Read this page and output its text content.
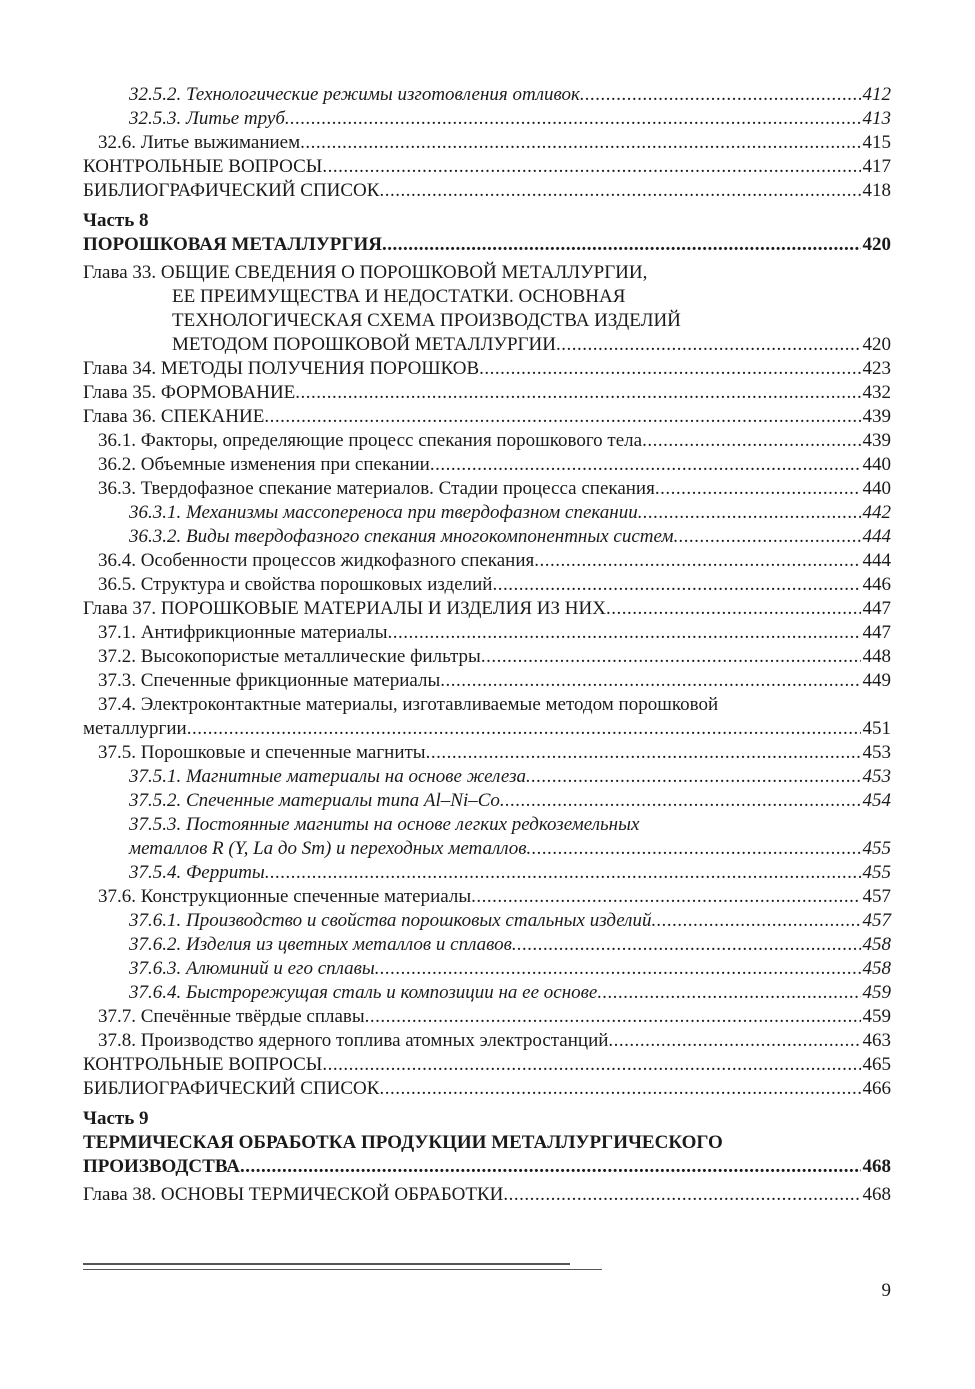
32.5.2. Технологические режимы изготовления отливок .....	412
32.5.3. Литье труб .....	413
32.6. Литье выжиманием .....	415
КОНТРОЛЬНЫЕ ВОПРОСЫ .....	417
БИБЛИОГРАФИЧЕСКИЙ СПИСОК .....	418
Часть 8
ПОРОШКОВАЯ МЕТАЛЛУРГИЯ .....	420
Глава 33. ОБЩИЕ СВЕДЕНИЯ О ПОРОШКОВОЙ МЕТАЛЛУРГИИ,
ЕЕ ПРЕИМУЩЕСТВА И НЕДОСТАТКИ. ОСНОВНАЯ
ТЕХНОЛОГИЧЕСКАЯ СХЕМА ПРОИЗВОДСТВА ИЗДЕЛИЙ
МЕТОДОМ ПОРОШКОВОЙ МЕТАЛЛУРГИИ .....	420
Глава 34. МЕТОДЫ ПОЛУЧЕНИЯ ПОРОШКОВ .....	423
Глава 35. ФОРМОВАНИЕ .....	432
Глава 36. СПЕКАНИЕ .....	439
36.1. Факторы, определяющие процесс спекания порошкового тела .....	439
36.2. Объемные изменения при спекании .....	440
36.3. Твердофазное спекание материалов. Стадии процесса спекания .....	440
36.3.1. Механизмы массопереноса при твердофазном спекании .....	442
36.3.2. Виды твердофазного спекания многокомпонентных систем .....	444
36.4. Особенности процессов жидкофазного спекания .....	444
36.5. Структура и свойства порошковых изделий .....	446
Глава 37. ПОРОШКОВЫЕ МАТЕРИАЛЫ И ИЗДЕЛИЯ ИЗ НИХ .....	447
37.1. Антифрикционные материалы .....	447
37.2. Высокопористые металлические фильтры .....	448
37.3. Спеченные фрикционные материалы .....	449
37.4. Электроконтактные материалы, изготавливаемые методом порошковой
металлургии .....	451
37.5. Порошковые и спеченные магниты .....	453
37.5.1. Магнитные материалы на основе железа .....	453
37.5.2. Спеченные материалы типа Al–Ni–Co .....	454
37.5.3. Постоянные магниты на основе легких редкоземельных
металлов R (Y, La до Sm) и переходных металлов .....	455
37.5.4. Ферриты .....	455
37.6. Конструкционные спеченные материалы .....	457
37.6.1. Производство и свойства порошковых стальных изделий .....	457
37.6.2. Изделия из цветных металлов и сплавов .....	458
37.6.3. Алюминий и его сплавы .....	458
37.6.4. Быстрорежущая сталь и композиции на ее основе .....	459
37.7. Спечённые твёрдые сплавы .....	459
37.8. Производство ядерного топлива атомных электростанций .....	463
КОНТРОЛЬНЫЕ ВОПРОСЫ .....	465
БИБЛИОГРАФИЧЕСКИЙ СПИСОК .....	466
Часть 9
ТЕРМИЧЕСКАЯ ОБРАБОТКА ПРОДУКЦИИ МЕТАЛЛУРГИЧЕСКОГО
ПРОИЗВОДСТВА .....	468
Глава 38. ОСНОВЫ ТЕРМИЧЕСКОЙ ОБРАБОТКИ .....	468
9
